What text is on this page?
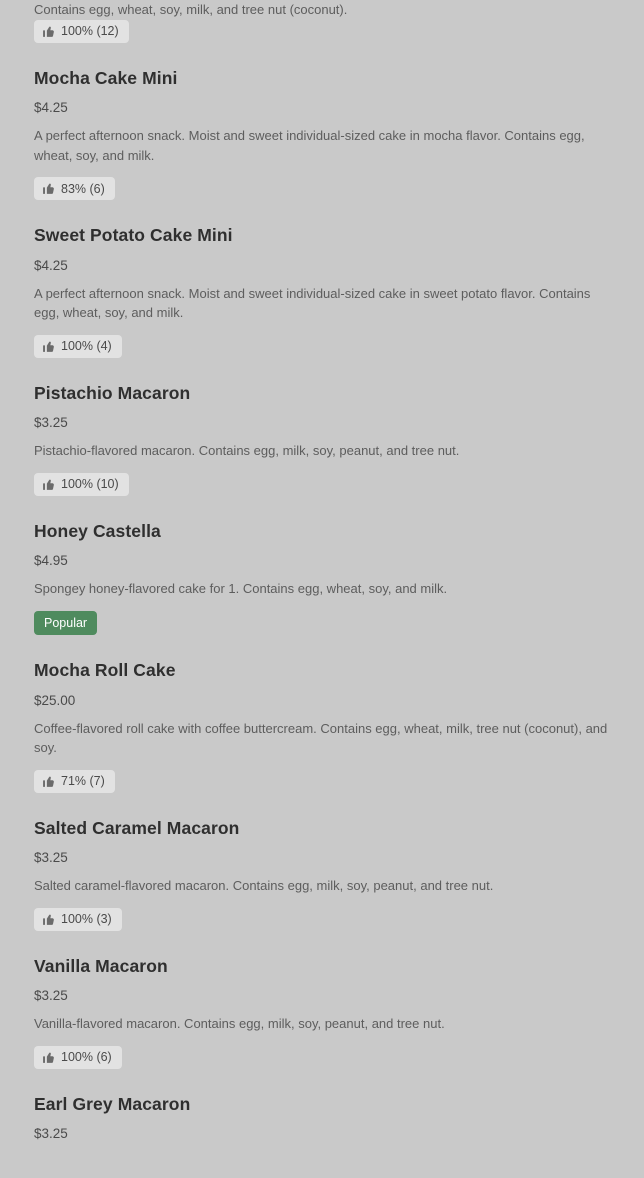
Contains egg, wheat, soy, milk, and tree nut (coconut).

100% (12)
Mocha Cake Mini

$4.25

A perfect afternoon snack. Moist and sweet individual-sized cake in mocha flavor. Contains egg, wheat, soy, and milk.

83% (6)
Sweet Potato Cake Mini

$4.25

A perfect afternoon snack. Moist and sweet individual-sized cake in sweet potato flavor. Contains egg, wheat, soy, and milk.

100% (4)
Pistachio Macaron

$3.25

Pistachio-flavored macaron. Contains egg, milk, soy, peanut, and tree nut.

100% (10)
Honey Castella

$4.95

Spongey honey-flavored cake for 1. Contains egg, wheat, soy, and milk.

Popular
Mocha Roll Cake

$25.00

Coffee-flavored roll cake with coffee buttercream. Contains egg, wheat, milk, tree nut (coconut), and soy.

71% (7)
Salted Caramel Macaron

$3.25

Salted caramel-flavored macaron. Contains egg, milk, soy, peanut, and tree nut.

100% (3)
Vanilla Macaron

$3.25

Vanilla-flavored macaron. Contains egg, milk, soy, peanut, and tree nut.

100% (6)
Earl Grey Macaron

$3.25
